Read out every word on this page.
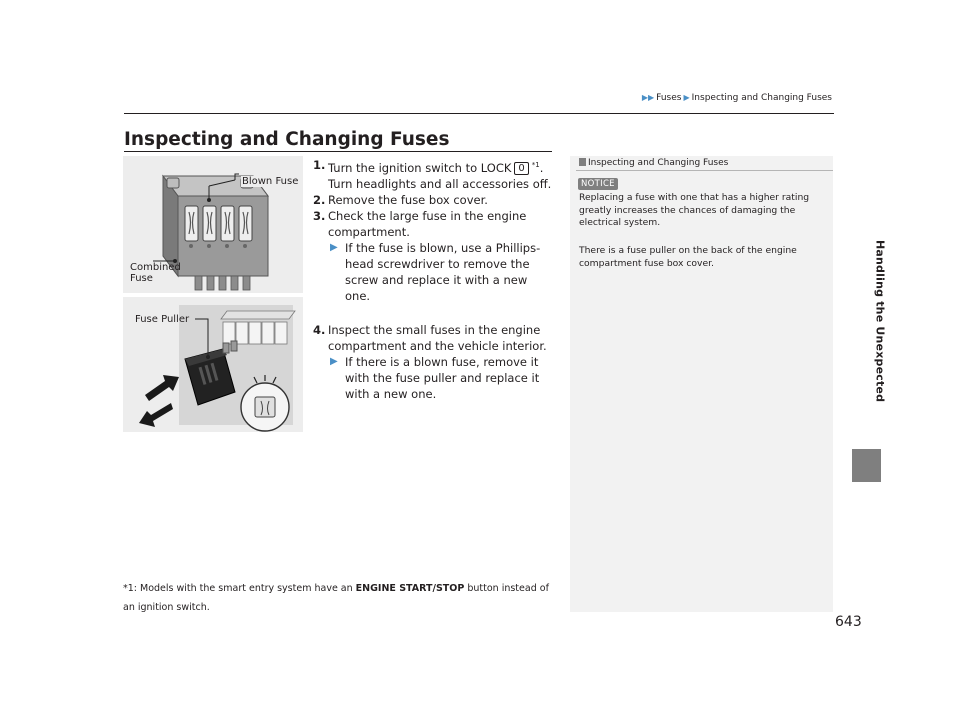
▶▶ Fuses ▶ Inspecting and Changing Fuses
Handling the Unexpected
Inspecting and Changing Fuses
Blown Fuse
Combined
Fuse
Fuse Puller
1. Turn the ignition switch to LOCK 0 $^{*1}$. Turn headlights and all accessories off.
2. Remove the fuse box cover.
3. Check the large fuse in the engine compartment.
▶ If the fuse is blown, use a Phillips-head screwdriver to remove the screw and replace it with a new one.
4. Inspect the small fuses in the engine compartment and the vehicle interior.
▶ If there is a blown fuse, remove it with the fuse puller and replace it with a new one.
Inspecting and Changing Fuses
NOTICE
Replacing a fuse with one that has a higher rating greatly increases the chances of damaging the electrical system.
There is a fuse puller on the back of the engine compartment fuse box cover.
*1: Models with the smart entry system have an ENGINE START/STOP button instead of an ignition switch.
643
